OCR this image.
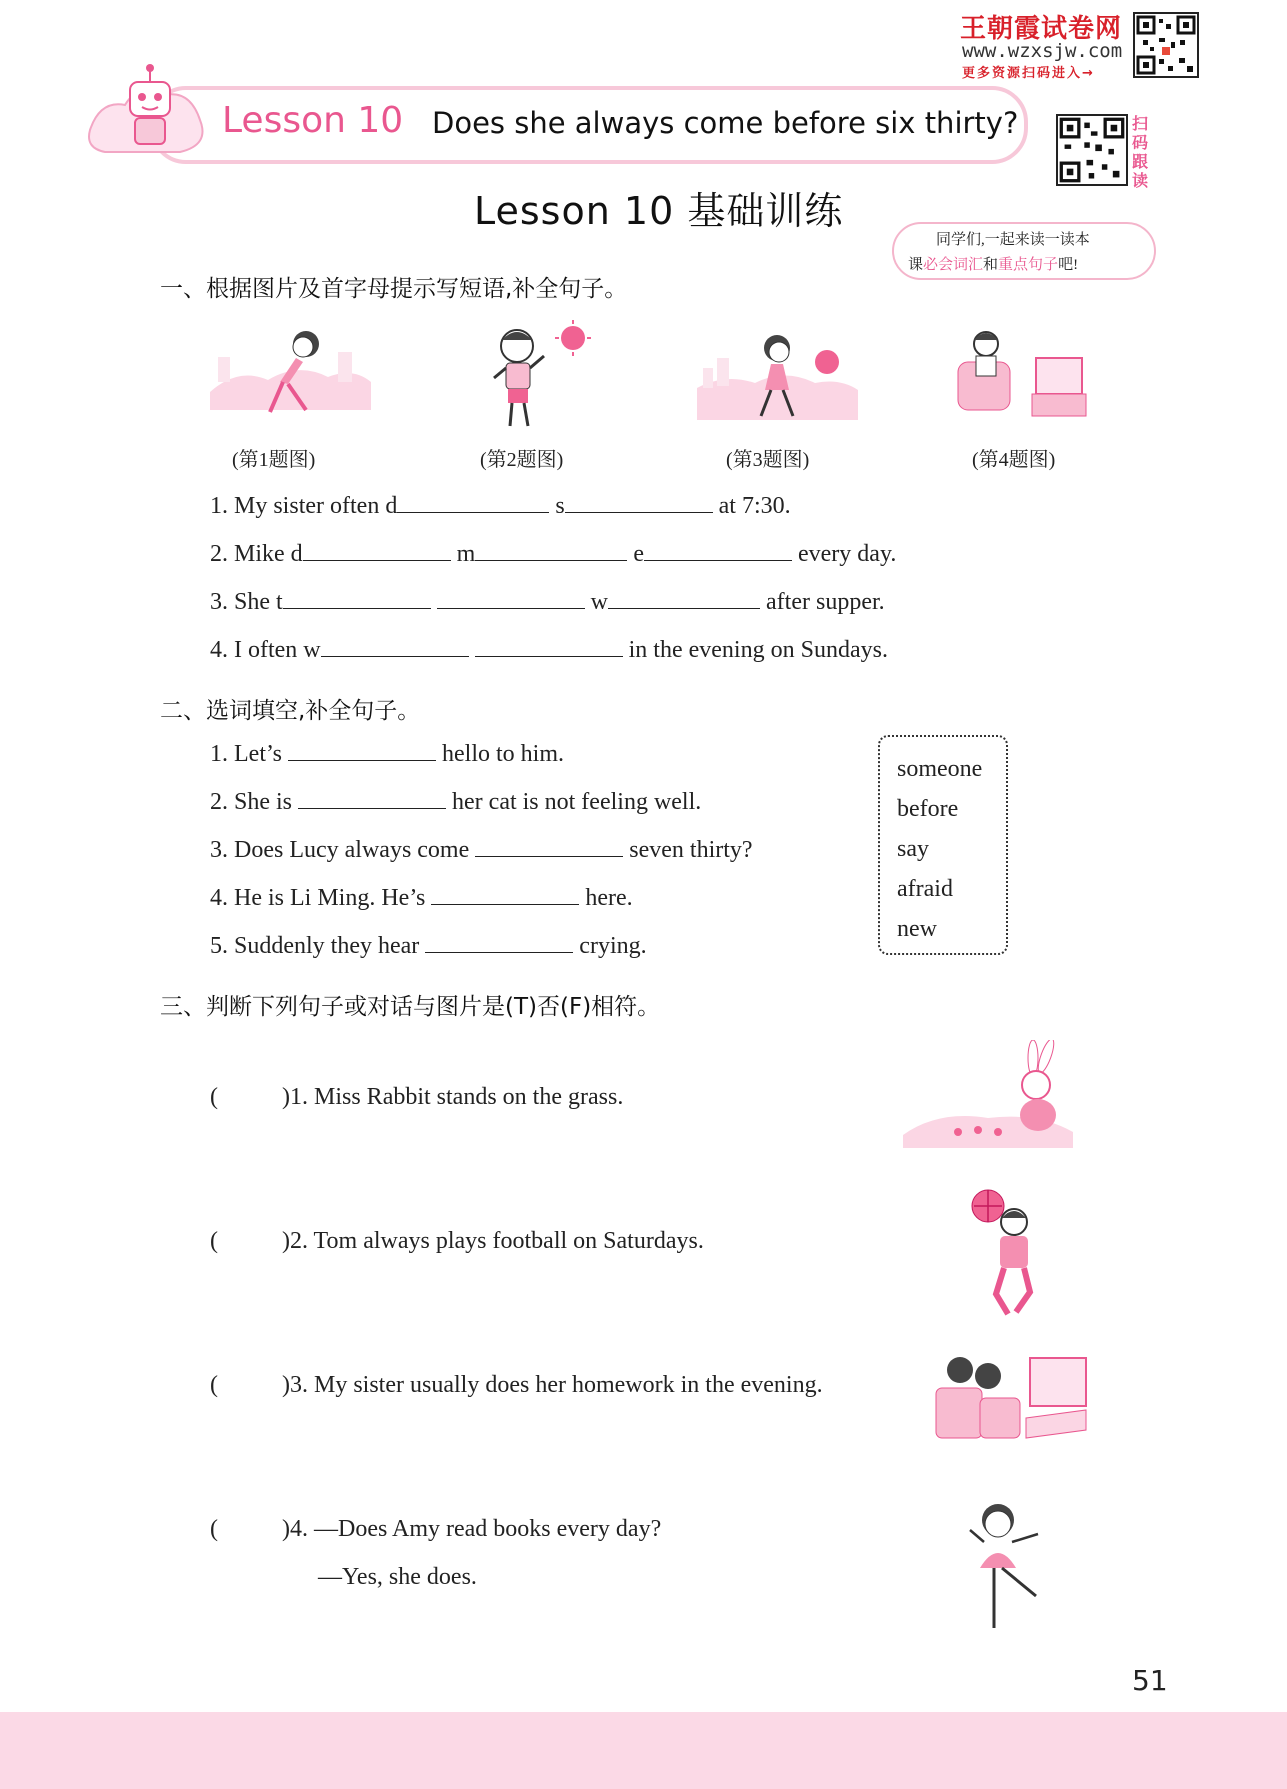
王朝霞试卷网
www.wzxsjw.com
更多资源扫码进入→
Lesson 10 Does she always come before six thirty?	扫码跟读
Lesson 10 基础训练
同学们,一起来读一读本
课必会词汇和重点句子吧!
一、根据图片及首字母提示写短语,补全句子。
(第1题图)	(第2题图)	(第3题图)	(第4题图)
1. My sister often d	s	at 7:30.
2. Mike d	m	e	every day.
3. She t	w	after supper.
4. I often w	in the evening on Sundays.
二、选词填空,补全句子。
1. Let’s	hello to him.
2. She is	her cat is not feeling well.
3. Does Lucy always come	seven thirty?
4. He is Li Ming. He’s	here.
5. Suddenly they hear	crying.
someone
before
say
afraid
new
三、判断下列句子或对话与图片是(T)否(F)相符。
(	)1. Miss Rabbit stands on the grass.
(	)2. Tom always plays football on Saturdays.
(	)3. My sister usually does her homework in the evening.
(	)4. —Does Amy read books every day?
—Yes, she does.
51
